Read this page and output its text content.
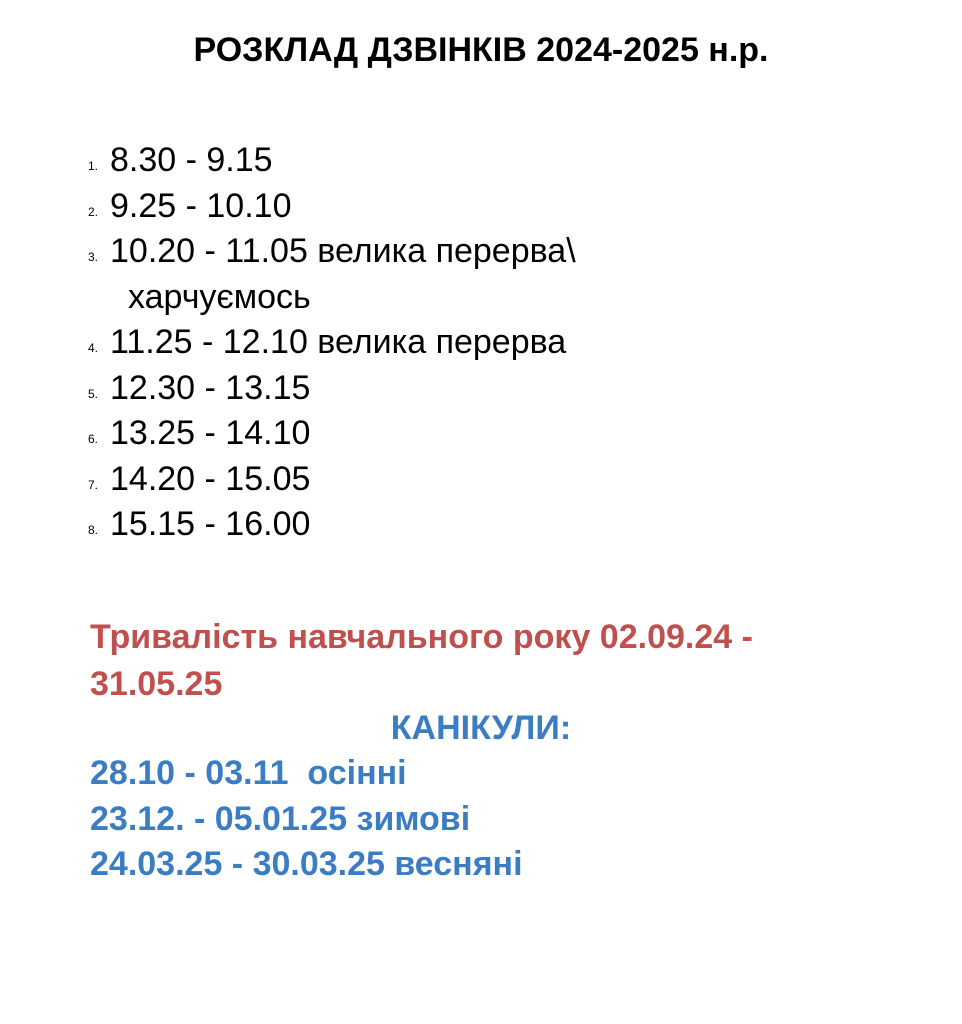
РОЗКЛАД ДЗВІНКІВ 2024-2025 н.р.
1. 8.30 - 9.15
2. 9.25 - 10.10
3. 10.20 - 11.05 велика перерва\
харчуємось
4. 11.25 - 12.10 велика перерва
5. 12.30 - 13.15
6. 13.25 - 14.10
7. 14.20 - 15.05
8. 15.15 - 16.00
Тривалість навчального року 02.09.24 -
31.05.25
КАНІКУЛИ:
28.10 - 03.11  осінні
23.12. - 05.01.25 зимові
24.03.25 - 30.03.25 весняні
